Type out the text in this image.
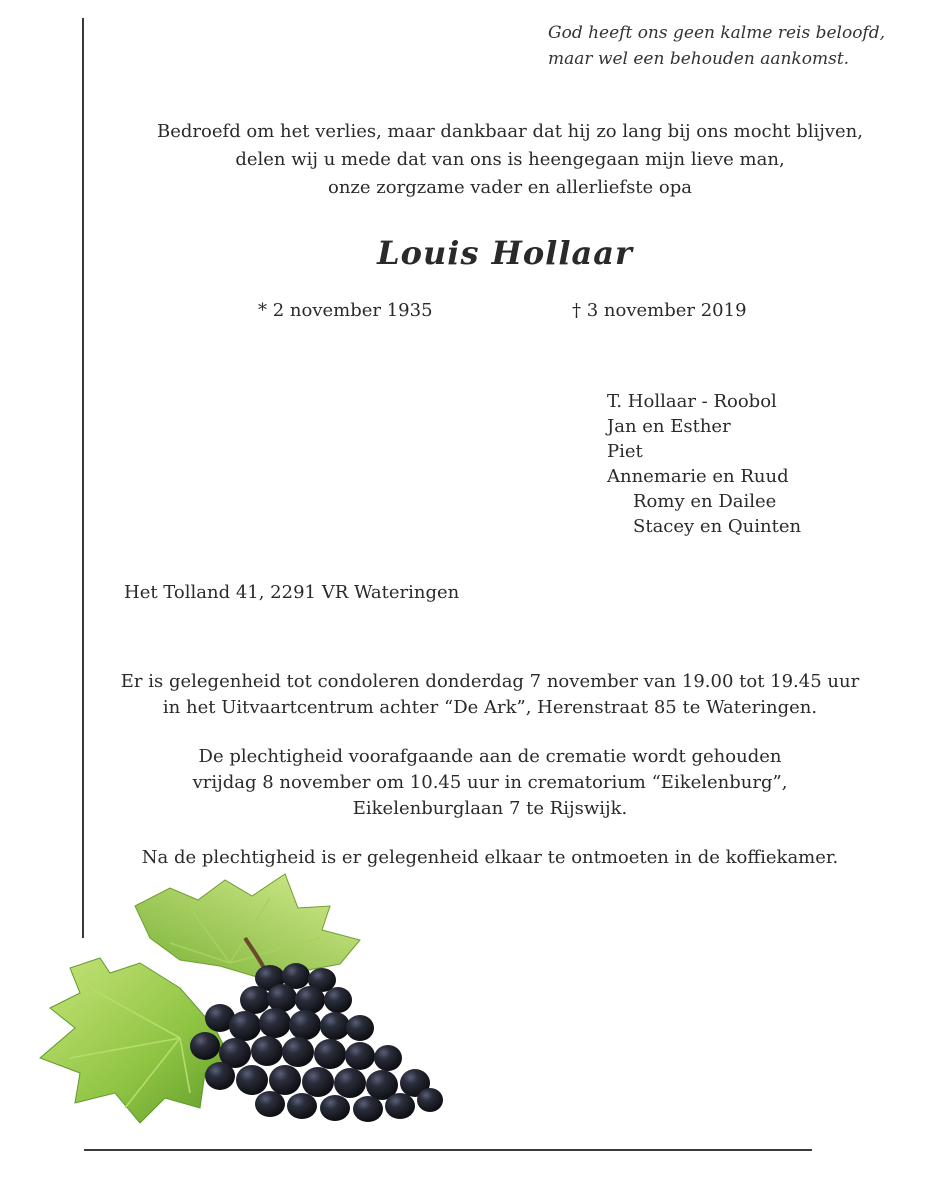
God heeft ons geen kalme reis beloofd,
maar wel een behouden aankomst.
Bedroefd om het verlies, maar dankbaar dat hij zo lang bij ons mocht blijven,
delen wij u mede dat van ons is heengegaan mijn lieve man,
onze zorgzame vader en allerliefste opa
Louis Hollaar
* 2 november 1935	† 3 november 2019
T. Hollaar - Roobol
Jan en Esther
Piet
Annemarie en Ruud
Romy en Dailee
Stacey en Quinten
Het Tolland 41, 2291 VR Wateringen
Er is gelegenheid tot condoleren donderdag 7 november van 19.00 tot 19.45 uur
in het Uitvaartcentrum achter “De Ark”, Herenstraat 85 te Wateringen.
De plechtigheid voorafgaande aan de crematie wordt gehouden
vrijdag 8 november om 10.45 uur in crematorium “Eikelenburg”,
Eikelenburglaan 7 te Rijswijk.
Na de plechtigheid is er gelegenheid elkaar te ontmoeten in de koffiekamer.
